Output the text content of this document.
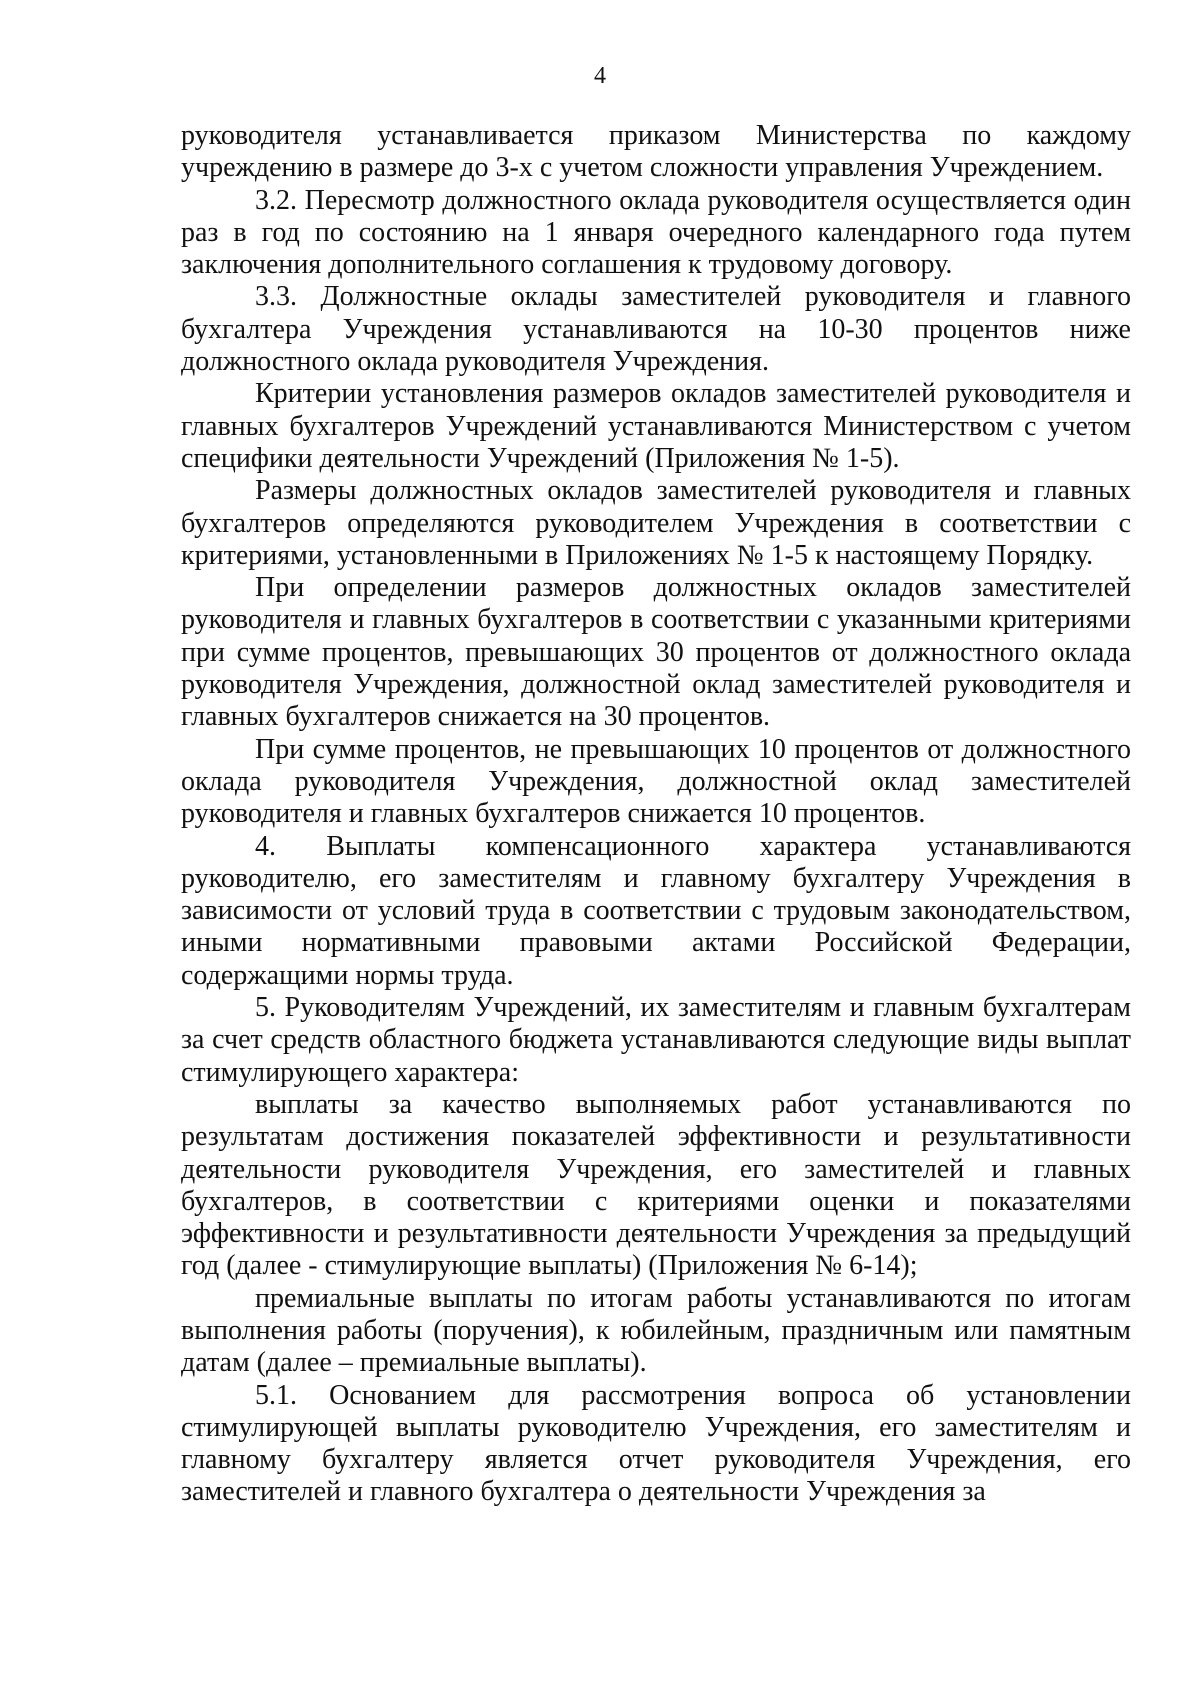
4

руководителя устанавливается приказом Министерства по каждому учреждению в размере до 3-х с учетом сложности управления Учреждением.

3.2. Пересмотр должностного оклада руководителя осуществляется один раз в год по состоянию на 1 января очередного календарного года путем заключения дополнительного соглашения к трудовому договору.

3.3. Должностные оклады заместителей руководителя и главного бухгалтера Учреждения устанавливаются на 10-30 процентов ниже должностного оклада руководителя Учреждения.

Критерии установления размеров окладов заместителей руководителя и главных бухгалтеров Учреждений устанавливаются Министерством с учетом специфики деятельности Учреждений (Приложения № 1-5).

Размеры должностных окладов заместителей руководителя и главных бухгалтеров определяются руководителем Учреждения в соответствии с критериями, установленными в Приложениях № 1-5 к настоящему Порядку.

При определении размеров должностных окладов заместителей руководителя и главных бухгалтеров в соответствии с указанными критериями при сумме процентов, превышающих 30 процентов от должностного оклада руководителя Учреждения, должностной оклад заместителей руководителя и главных бухгалтеров снижается на 30 процентов.

При сумме процентов, не превышающих 10 процентов от должностного оклада руководителя Учреждения, должностной оклад заместителей руководителя и главных бухгалтеров снижается 10 процентов.

4. Выплаты компенсационного характера устанавливаются руководителю, его заместителям и главному бухгалтеру Учреждения в зависимости от условий труда в соответствии с трудовым законодательством, иными нормативными правовыми актами Российской Федерации, содержащими нормы труда.

5. Руководителям Учреждений, их заместителям и главным бухгалтерам за счет средств областного бюджета устанавливаются следующие виды выплат стимулирующего характера:

выплаты за качество выполняемых работ устанавливаются по результатам достижения показателей эффективности и результативности деятельности руководителя Учреждения, его заместителей и главных бухгалтеров, в соответствии с критериями оценки и показателями эффективности и результативности деятельности Учреждения за предыдущий год (далее - стимулирующие выплаты) (Приложения № 6-14);

премиальные выплаты по итогам работы устанавливаются по итогам выполнения работы (поручения), к юбилейным, праздничным или памятным датам (далее – премиальные выплаты).

5.1. Основанием для рассмотрения вопроса об установлении стимулирующей выплаты руководителю Учреждения, его заместителям и главному бухгалтеру является отчет руководителя Учреждения, его заместителей и главного бухгалтера о деятельности Учреждения за
